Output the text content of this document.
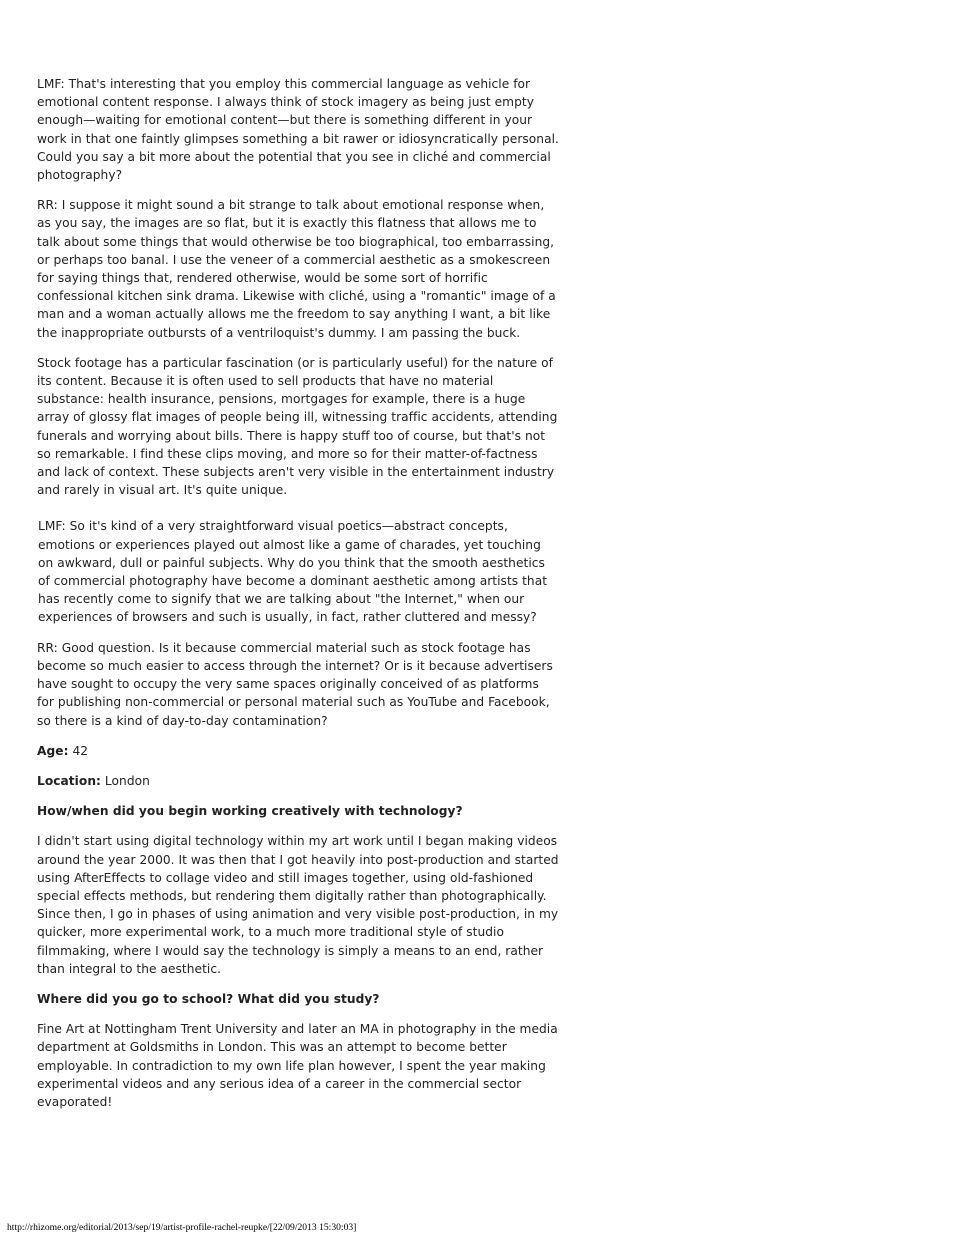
LMF: That's interesting that you employ this commercial language as vehicle for emotional content response. I always think of stock imagery as being just empty enough—waiting for emotional content—but there is something different in your work in that one faintly glimpses something a bit rawer or idiosyncratically personal. Could you say a bit more about the potential that you see in cliché and commercial photography?

RR: I suppose it might sound a bit strange to talk about emotional response when, as you say, the images are so flat, but it is exactly this flatness that allows me to talk about some things that would otherwise be too biographical, too embarrassing, or perhaps too banal. I use the veneer of a commercial aesthetic as a smokescreen for saying things that, rendered otherwise, would be some sort of horrific confessional kitchen sink drama. Likewise with cliché, using a "romantic" image of a man and a woman actually allows me the freedom to say anything I want, a bit like the inappropriate outbursts of a ventriloquist's dummy. I am passing the buck.

Stock footage has a particular fascination (or is particularly useful) for the nature of its content. Because it is often used to sell products that have no material substance: health insurance, pensions, mortgages for example, there is a huge array of glossy flat images of people being ill, witnessing traffic accidents, attending funerals and worrying about bills. There is happy stuff too of course, but that's not so remarkable. I find these clips moving, and more so for their matter-of-factness and lack of context. These subjects aren't very visible in the entertainment industry and rarely in visual art. It's quite unique.

LMF: So it's kind of a very straightforward visual poetics—abstract concepts, emotions or experiences played out almost like a game of charades, yet touching on awkward, dull or painful subjects. Why do you think that the smooth aesthetics of commercial photography have become a dominant aesthetic among artists that has recently come to signify that we are talking about "the Internet," when our experiences of browsers and such is usually, in fact, rather cluttered and messy?

RR: Good question. Is it because commercial material such as stock footage has become so much easier to access through the internet? Or is it because advertisers have sought to occupy the very same spaces originally conceived of as platforms for publishing non-commercial or personal material such as YouTube and Facebook, so there is a kind of day-to-day contamination?

Age: 42

Location: London

How/when did you begin working creatively with technology?

I didn't start using digital technology within my art work until I began making videos around the year 2000. It was then that I got heavily into post-production and started using AfterEffects to collage video and still images together, using old-fashioned special effects methods, but rendering them digitally rather than photographically. Since then, I go in phases of using animation and very visible post-production, in my quicker, more experimental work, to a much more traditional style of studio filmmaking, where I would say the technology is simply a means to an end, rather than integral to the aesthetic.

Where did you go to school? What did you study?

Fine Art at Nottingham Trent University and later an MA in photography in the media department at Goldsmiths in London. This was an attempt to become better employable. In contradiction to my own life plan however, I spent the year making experimental videos and any serious idea of a career in the commercial sector evaporated!

http://rhizome.org/editorial/2013/sep/19/artist-profile-rachel-reupke/[22/09/2013 15:30:03]
